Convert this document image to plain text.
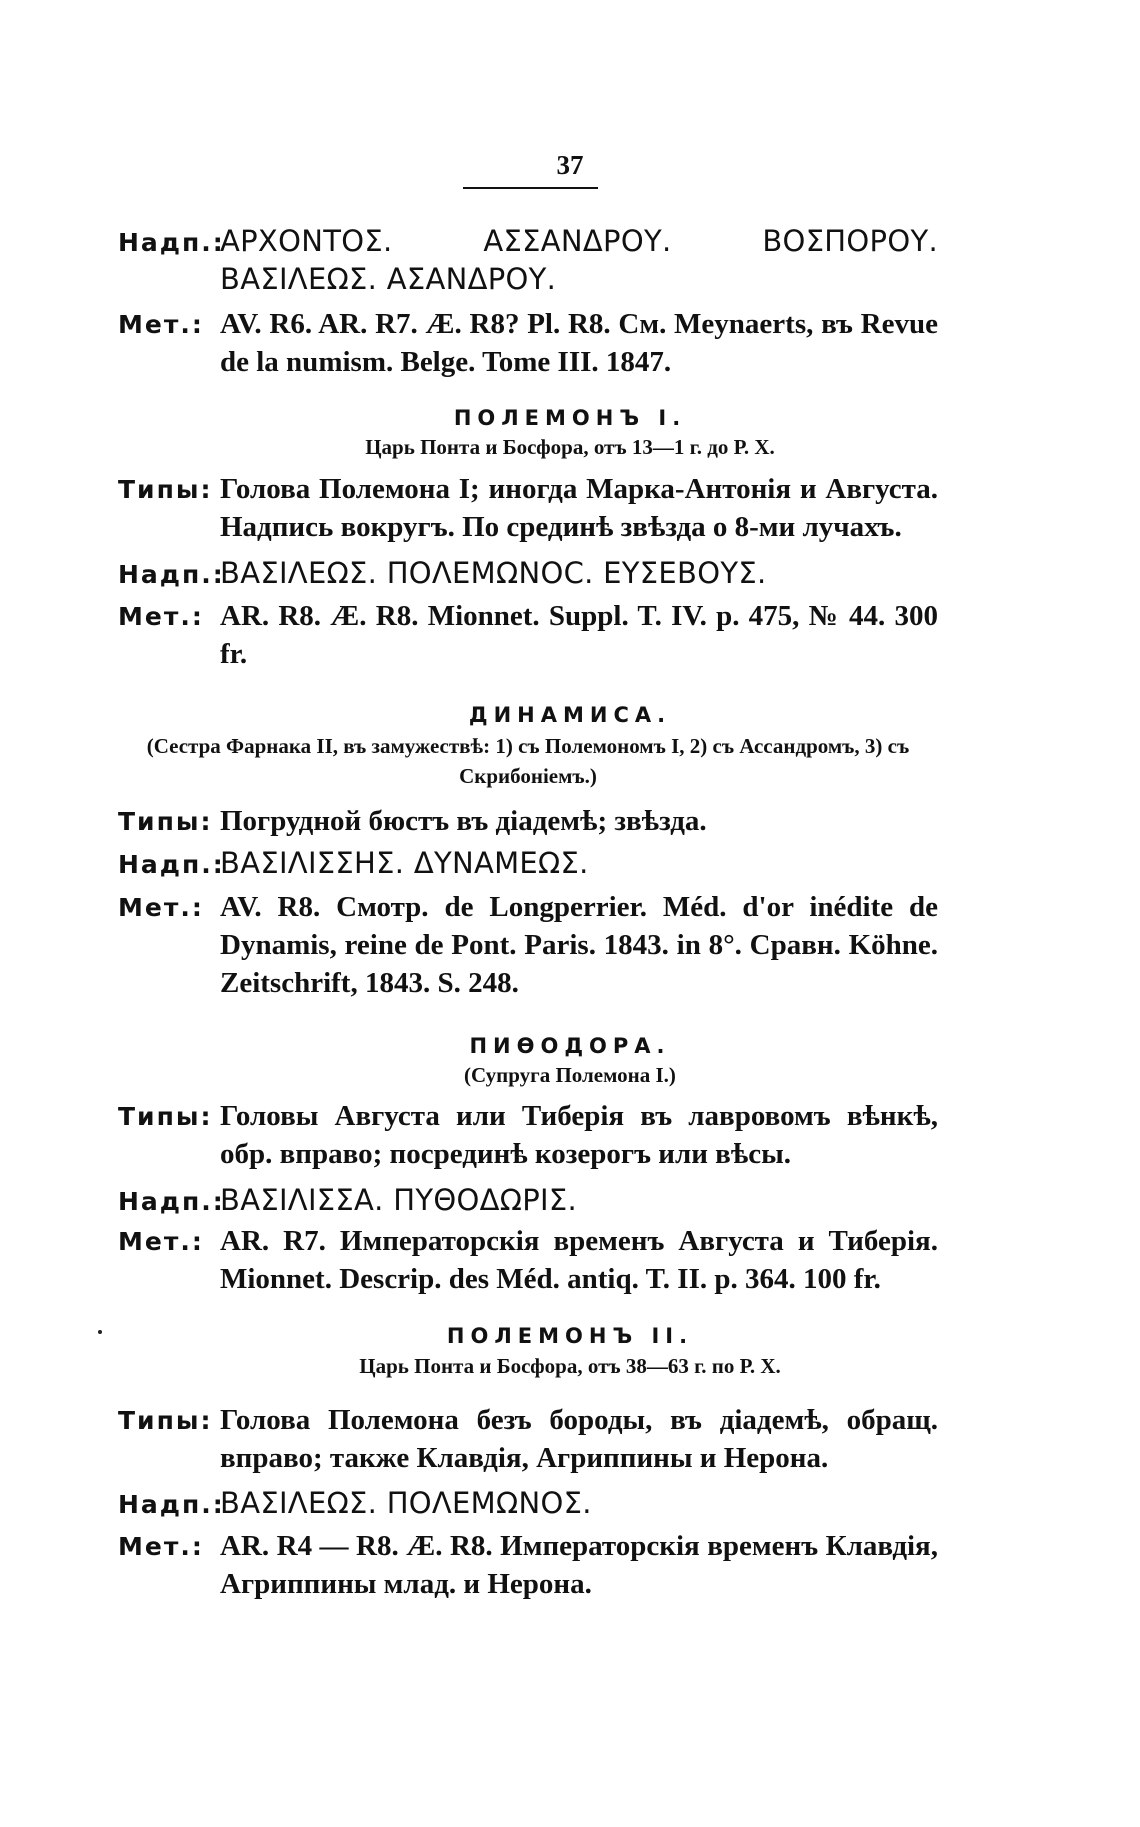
37
Надп.:
ΑΡΧΟΝΤΟΣ. ΑΣΣΑΝΔΡΟΥ. ΒΟΣΠΟΡΟΥ. ΒΑΣΙΛΕΩΣ. ΑΣΑΝΔΡΟΥ.
Мет.: AV. R6. AR. R7. Æ. R8? Pl. R8. См. Meynaerts, въ Revue de la numism. Belge. Tome III. 1847.
ПОЛЕМОНЪ I.
Царь Понта и Босфора, отъ 13—1 г. до Р. Х.
Типы: Голова Полемона I; иногда Марка-Антонія и Августа. Надпись вокругъ. По срединѣ звѣзда о 8-ми лучахъ.
Надп.:
ΒΑΣΙΛΕΩΣ. ΠΟΛΕΜΩΝΟC. ΕΥΣΕΒΟΥΣ.
Мет.: AR. R8. Æ. R8. Mionnet. Suppl. T. IV. p. 475, № 44. 300 fr.
ДИНАМИСА.
(Сестра Фарнака II, въ замужествѣ: 1) съ Полемономъ I, 2) съ Ассандромъ, 3) съ Скрибоніемъ.)
Типы: Погрудной бюстъ въ діадемѣ; звѣзда.
Надп.:
ΒΑΣΙΛΙΣΣΗΣ. ΔΥΝΑΜΕΩΣ.
Мет.: AV. R8. Смотр. de Longperrier. Méd. d'or inédite de Dynamis, reine de Pont. Paris. 1843. in 8°. Сравн. Köhne. Zeitschrift, 1843. S. 248.
ПИѲОДОРА.
(Супруга Полемона I.)
Типы: Головы Августа или Тиберія въ лавровомъ вѣнкѣ, обр. вправо; посрединѣ козерогъ или вѣсы.
Надп.:
ΒΑΣΙΛΙΣΣΑ. ΠΥΘΟΔΩΡΙΣ.
Мет.: AR. R7. Императорскія временъ Августа и Тиберія. Mionnet. Descrip. des Méd. antiq. T. II. p. 364. 100 fr.
ПОЛЕМОНЪ II.
Царь Понта и Босфора, отъ 38—63 г. по Р. Х.
Типы: Голова Полемона безъ бороды, въ діадемѣ, обращ. вправо; также Клавдія, Агриппины и Нерона.
Надп.:
ΒΑΣΙΛΕΩΣ. ΠΟΛΕΜΩΝΟΣ.
Мет.: AR. R4 — R8. Æ. R8. Императорскія временъ Клавдія, Агриппины млад. и Нерона.
